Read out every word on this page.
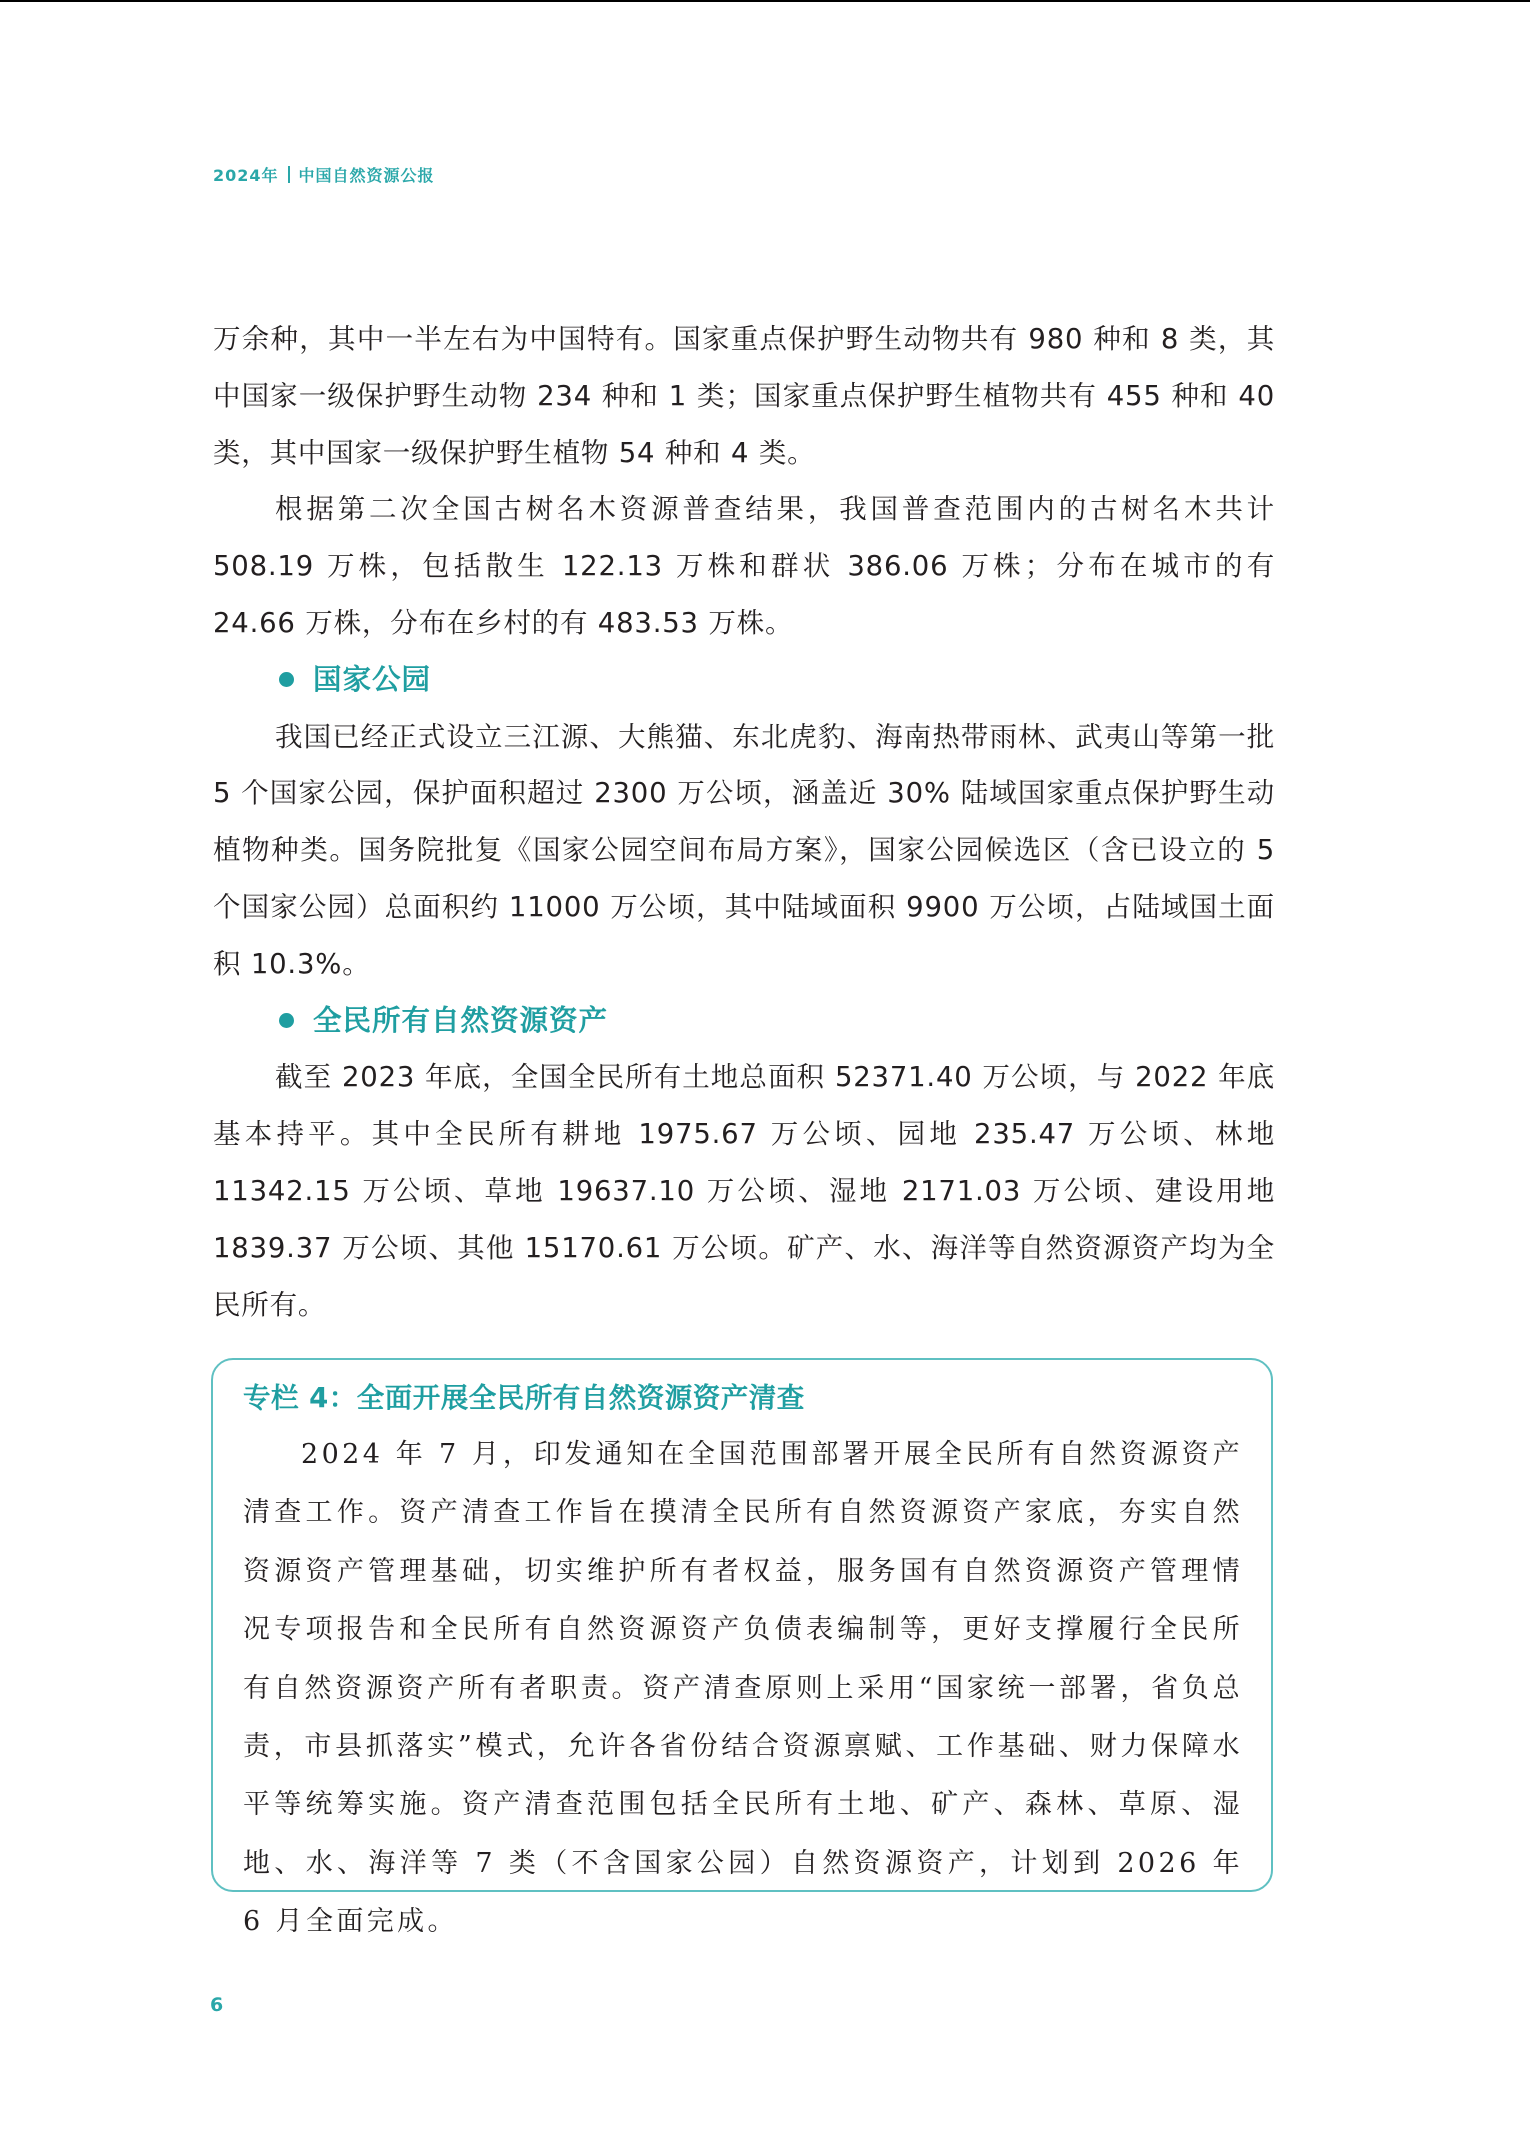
2024年 中国自然资源公报

万余种，其中一半左右为中国特有。国家重点保护野生动物共有 980 种和 8 类，其中国家一级保护野生动物 234 种和 1 类；国家重点保护野生植物共有 455 种和 40 类，其中国家一级保护野生植物 54 种和 4 类。

根据第二次全国古树名木资源普查结果，我国普查范围内的古树名木共计 508.19 万株，包括散生 122.13 万株和群状 386.06 万株；分布在城市的有 24.66 万株，分布在乡村的有 483.53 万株。

国家公园

我国已经正式设立三江源、大熊猫、东北虎豹、海南热带雨林、武夷山等第一批 5 个国家公园，保护面积超过 2300 万公顷，涵盖近 30% 陆域国家重点保护野生动植物种类。国务院批复《国家公园空间布局方案》，国家公园候选区（含已设立的 5 个国家公园）总面积约 11000 万公顷，其中陆域面积 9900 万公顷，占陆域国土面积 10.3%。

全民所有自然资源资产

截至 2023 年底，全国全民所有土地总面积 52371.40 万公顷，与 2022 年底基本持平。其中全民所有耕地 1975.67 万公顷、园地 235.47 万公顷、林地 11342.15 万公顷、草地 19637.10 万公顷、湿地 2171.03 万公顷、建设用地 1839.37 万公顷、其他 15170.61 万公顷。矿产、水、海洋等自然资源资产均为全民所有。

专栏 4：全面开展全民所有自然资源资产清查

2024 年 7 月，印发通知在全国范围部署开展全民所有自然资源资产清查工作。资产清查工作旨在摸清全民所有自然资源资产家底，夯实自然资源资产管理基础，切实维护所有者权益，服务国有自然资源资产管理情况专项报告和全民所有自然资源资产负债表编制等，更好支撑履行全民所有自然资源资产所有者职责。资产清查原则上采用“国家统一部署，省负总责，市县抓落实”模式，允许各省份结合资源禀赋、工作基础、财力保障水平等统筹实施。资产清查范围包括全民所有土地、矿产、森林、草原、湿地、水、海洋等 7 类（不含国家公园）自然资源资产，计划到 2026 年 6 月全面完成。

6
